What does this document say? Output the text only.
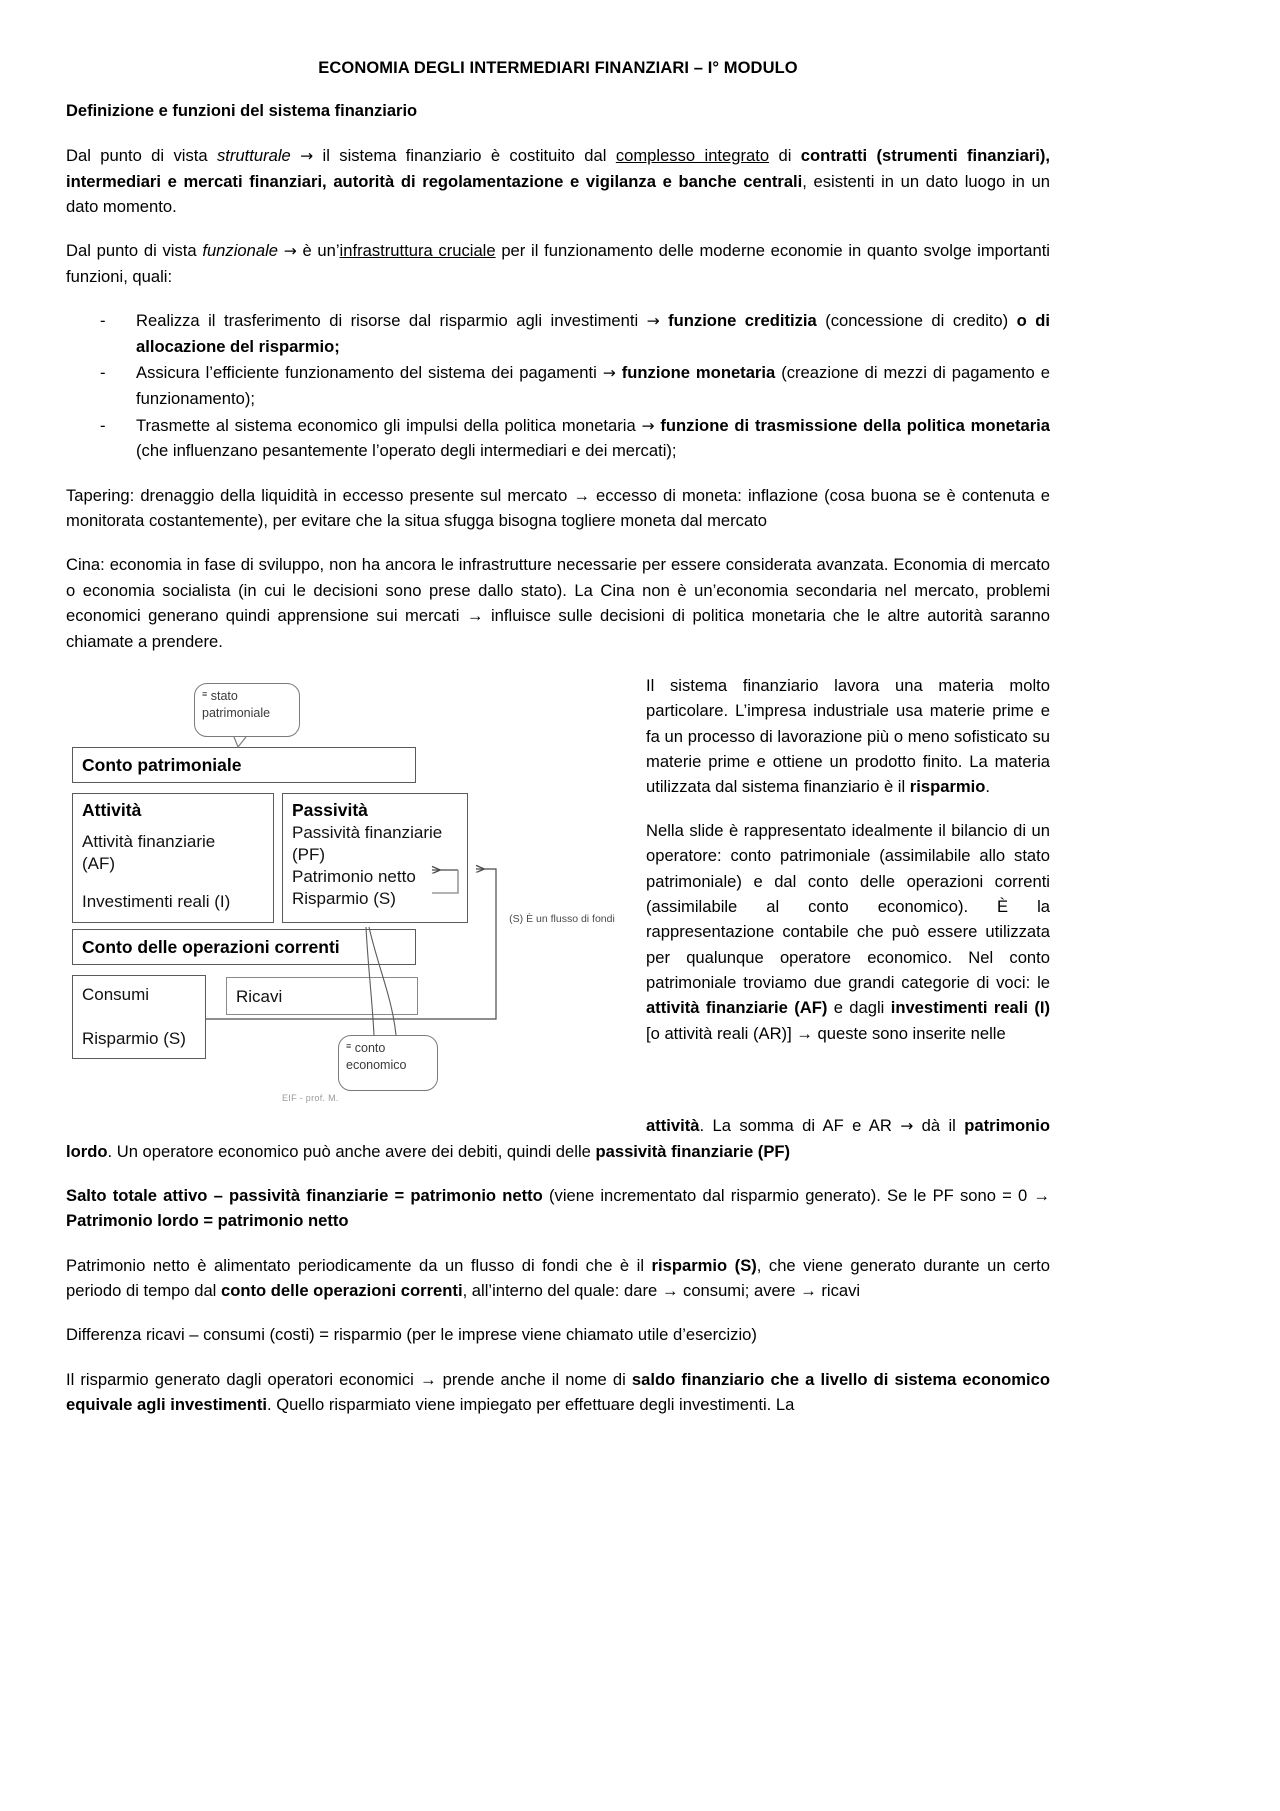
ECONOMIA DEGLI INTERMEDIARI FINANZIARI – I° MODULO
Definizione e funzioni del sistema finanziario

Dal punto di vista strutturale → il sistema finanziario è costituito dal complesso integrato di contratti (strumenti finanziari), intermediari e mercati finanziari, autorità di regolamentazione e vigilanza e banche centrali, esistenti in un dato luogo in un dato momento.

Dal punto di vista funzionale → è un’infrastruttura cruciale per il funzionamento delle moderne economie in quanto svolge importanti funzioni, quali:

- Realizza il trasferimento di risorse dal risparmio agli investimenti → funzione creditizia (concessione di credito) o di allocazione del risparmio;
- Assicura l’efficiente funzionamento del sistema dei pagamenti → funzione monetaria (creazione di mezzi di pagamento e funzionamento);
- Trasmette al sistema economico gli impulsi della politica monetaria → funzione di trasmissione della politica monetaria (che influenzano pesantemente l’operato degli intermediari e dei mercati);

Tapering: drenaggio della liquidità in eccesso presente sul mercato → eccesso di moneta: inflazione (cosa buona se è contenuta e monitorata costantemente), per evitare che la situa sfugga bisogna togliere moneta dal mercato

Cina: economia in fase di sviluppo, non ha ancora le infrastrutture necessarie per essere considerata avanzata. Economia di mercato o economia socialista (in cui le decisioni sono prese dallo stato). La Cina non è un’economia secondaria nel mercato, problemi economici generano quindi apprensione sui mercati → influisce sulle decisioni di politica monetaria che le altre autorità saranno chiamate a prendere.

≡ stato
patrimoniale
Conto patrimoniale
Attività
Attività finanziarie
(AF)
Investimenti reali (I)
Passività
Passività finanziarie
(PF)
Patrimonio netto
Risparmio (S)
Conto delle operazioni correnti
Consumi
Risparmio (S)
Ricavi
≡ conto
economico
EIF - prof. M.
(S) È un flusso di fondi

Il sistema finanziario lavora una materia molto particolare. L’impresa industriale usa materie prime e fa un processo di lavorazione più o meno sofisticato su materie prime e ottiene un prodotto finito. La materia utilizzata dal sistema finanziario è il risparmio.

Nella slide è rappresentato idealmente il bilancio di un operatore: conto patrimoniale (assimilabile allo stato patrimoniale) e dal conto delle operazioni correnti (assimilabile al conto economico). È la rappresentazione contabile che può essere utilizzata per qualunque operatore economico. Nel conto patrimoniale troviamo due grandi categorie di voci: le attività finanziarie (AF) e dagli investimenti reali (I) [o attività reali (AR)] → queste sono inserite nelle

attività. La somma di AF e AR → dà il patrimonio lordo. Un operatore economico può anche avere dei debiti, quindi delle passività finanziarie (PF)

Salto totale attivo – passività finanziarie = patrimonio netto (viene incrementato dal risparmio generato). Se le PF sono = 0 → Patrimonio lordo = patrimonio netto

Patrimonio netto è alimentato periodicamente da un flusso di fondi che è il risparmio (S), che viene generato durante un certo periodo di tempo dal conto delle operazioni correnti, all’interno del quale: dare → consumi; avere → ricavi

Differenza ricavi – consumi (costi) = risparmio (per le imprese viene chiamato utile d’esercizio)

Il risparmio generato dagli operatori economici → prende anche il nome di saldo finanziario che a livello di sistema economico equivale agli investimenti. Quello risparmiato viene impiegato per effettuare degli investimenti. La
